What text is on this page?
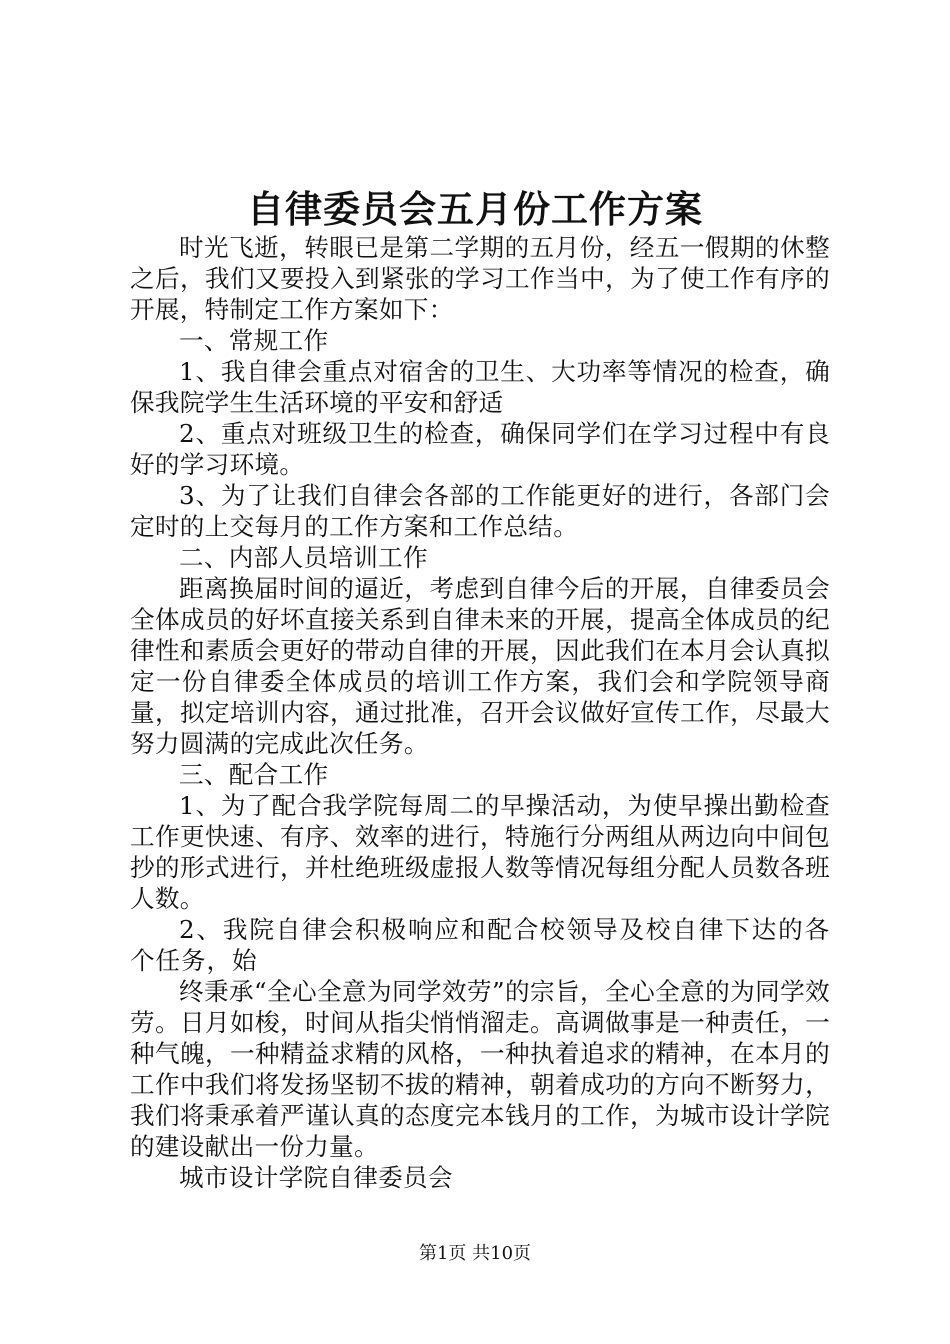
自律委员会五月份工作方案

时光飞逝，转眼已是第二学期的五月份，经五一假期的休整之后，我们又要投入到紧张的学习工作当中，为了使工作有序的开展，特制定工作方案如下：

一、常规工作

1、我自律会重点对宿舍的卫生、大功率等情况的检查，确保我院学生生活环境的平安和舒适

2、重点对班级卫生的检查，确保同学们在学习过程中有良好的学习环境。

3、为了让我们自律会各部的工作能更好的进行，各部门会定时的上交每月的工作方案和工作总结。

二、内部人员培训工作

距离换届时间的逼近，考虑到自律今后的开展，自律委员会全体成员的好坏直接关系到自律未来的开展，提高全体成员的纪律性和素质会更好的带动自律的开展，因此我们在本月会认真拟定一份自律委全体成员的培训工作方案，我们会和学院领导商量，拟定培训内容，通过批准，召开会议做好宣传工作，尽最大努力圆满的完成此次任务。

三、配合工作

1、为了配合我学院每周二的早操活动，为使早操出勤检查工作更快速、有序、效率的进行，特施行分两组从两边向中间包抄的形式进行，并杜绝班级虚报人数等情况每组分配人员数各班人数。

2、我院自律会积极响应和配合校领导及校自律下达的各个任务，始

终秉承“全心全意为同学效劳”的宗旨，全心全意的为同学效劳。日月如梭，时间从指尖悄悄溜走。高调做事是一种责任，一种气魄，一种精益求精的风格，一种执着追求的精神，在本月的工作中我们将发扬坚韧不拔的精神，朝着成功的方向不断努力，我们将秉承着严谨认真的态度完本钱月的工作，为城市设计学院的建设献出一份力量。

城市设计学院自律委员会

第1页 共10页
